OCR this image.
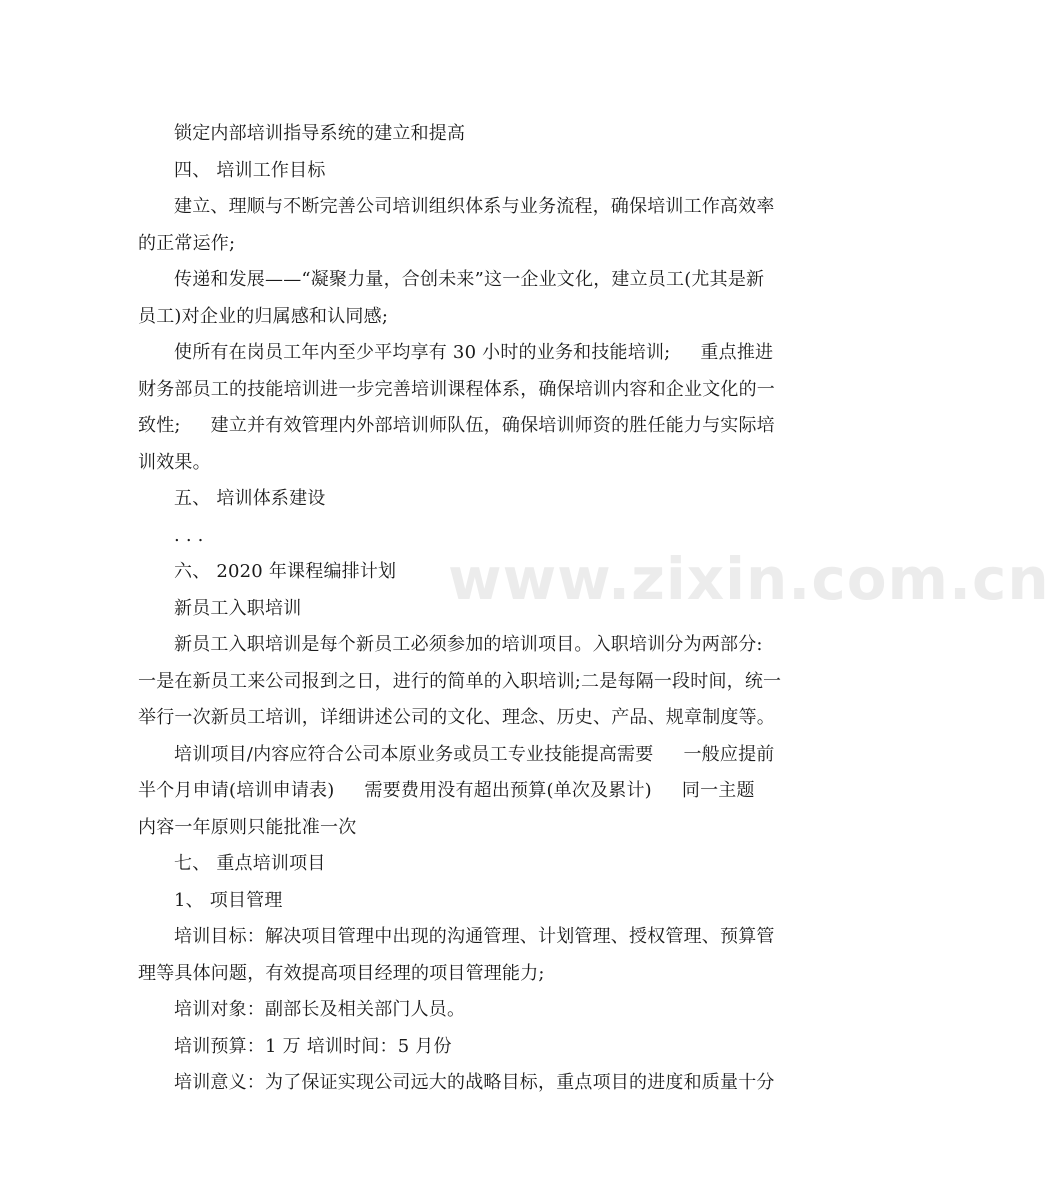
www.zixin.com.cn
锁定内部培训指导系统的建立和提高
四、 培训工作目标
建立、理顺与不断完善公司培训组织体系与业务流程，确保培训工作高效率
的正常运作;
传递和发展——“凝聚力量，合创未来”这一企业文化，建立员工(尤其是新
员工)对企业的归属感和认同感;
使所有在岗员工年内至少平均享有 30 小时的业务和技能培训; 重点推进
财务部员工的技能培训进一步完善培训课程体系，确保培训内容和企业文化的一
致性; 建立并有效管理内外部培训师队伍，确保培训师资的胜任能力与实际培
训效果。
五、 培训体系建设
. . .
六、 2020 年课程编排计划
新员工入职培训
新员工入职培训是每个新员工必须参加的培训项目。入职培训分为两部分:
一是在新员工来公司报到之日，进行的简单的入职培训;二是每隔一段时间，统一
举行一次新员工培训，详细讲述公司的文化、理念、历史、产品、规章制度等。
培训项目/内容应符合公司本原业务或员工专业技能提高需要 一般应提前
半个月申请(培训申请表) 需要费用没有超出预算(单次及累计) 同一主题
内容一年原则只能批准一次
七、 重点培训项目
1、 项目管理
培训目标：解决项目管理中出现的沟通管理、计划管理、授权管理、预算管
理等具体问题，有效提高项目经理的项目管理能力;
培训对象：副部长及相关部门人员。
培训预算：1 万 培训时间：5 月份
培训意义：为了保证实现公司远大的战略目标，重点项目的进度和质量十分
